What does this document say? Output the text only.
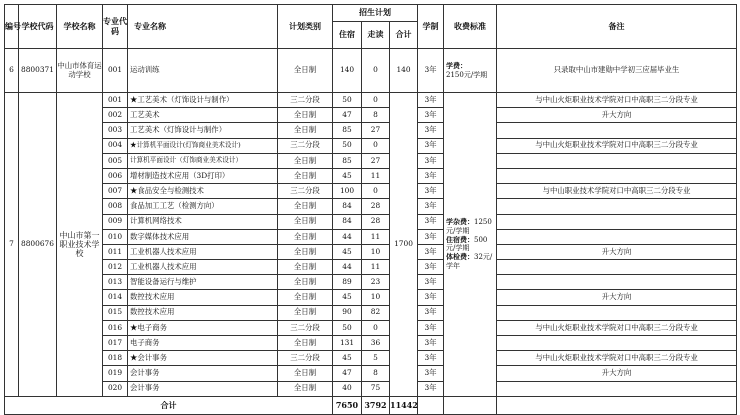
编号	学校代码	学校名称	专业代码	专业名称	计划类别	招生计划			学制	收费标准	备注
						住宿	走读	合计			
6	8800371	中山市体育运动学校	001	运动训练	全日制	140	0	140	3年	学费：
2150元/学期	只录取中山市建勋中学初三应届毕业生
7	8800676	中山市第一职业技术学校	001	★工艺美术（灯饰设计与制作）	三二分段	50	0	1700	3年	学杂费：1250元/学期
住宿费：500元/学期
体检费：32元/学年	与中山火炬职业技术学院对口中高职三二分段专业
			002	工艺美术	全日制	47	8		3年		升大方向
			003	工艺美术（灯饰设计与制作）	全日制	85	27		3年		
			004	★计算机平面设计(灯饰商业美术设计)	三二分段	50	0		3年		与中山火炬职业技术学院对口中高职三二分段专业
			005	计算机平面设计（灯饰商业美术设计）	全日制	85	27		3年		
			006	增材制造技术应用（3D打印）	全日制	45	11		3年		
			007	★食品安全与检测技术	三二分段	100	0		3年		与中山职业技术学院对口中高职三二分段专业
			008	食品加工工艺（检测方向）	全日制	84	28		3年		
			009	计算机网络技术	全日制	84	28		3年		
			010	数字媒体技术应用	全日制	44	11		3年		
			011	工业机器人技术应用	全日制	45	10		3年		升大方向
			012	工业机器人技术应用	全日制	44	11		3年		
			013	智能设备运行与维护	全日制	89	23		3年		
			014	数控技术应用	全日制	45	10		3年		升大方向
			015	数控技术应用	全日制	90	82		3年		
			016	★电子商务	三二分段	50	0		3年		与中山火炬职业技术学院对口中高职三二分段专业
			017	电子商务	全日制	131	36		3年		
			018	★会计事务	三二分段	45	5		3年		与中山火炬职业技术学院对口中高职三二分段专业
			019	会计事务	全日制	47	8		3年		升大方向
			020	会计事务	全日制	40	75		3年		
合计						7650	3792	11442			
